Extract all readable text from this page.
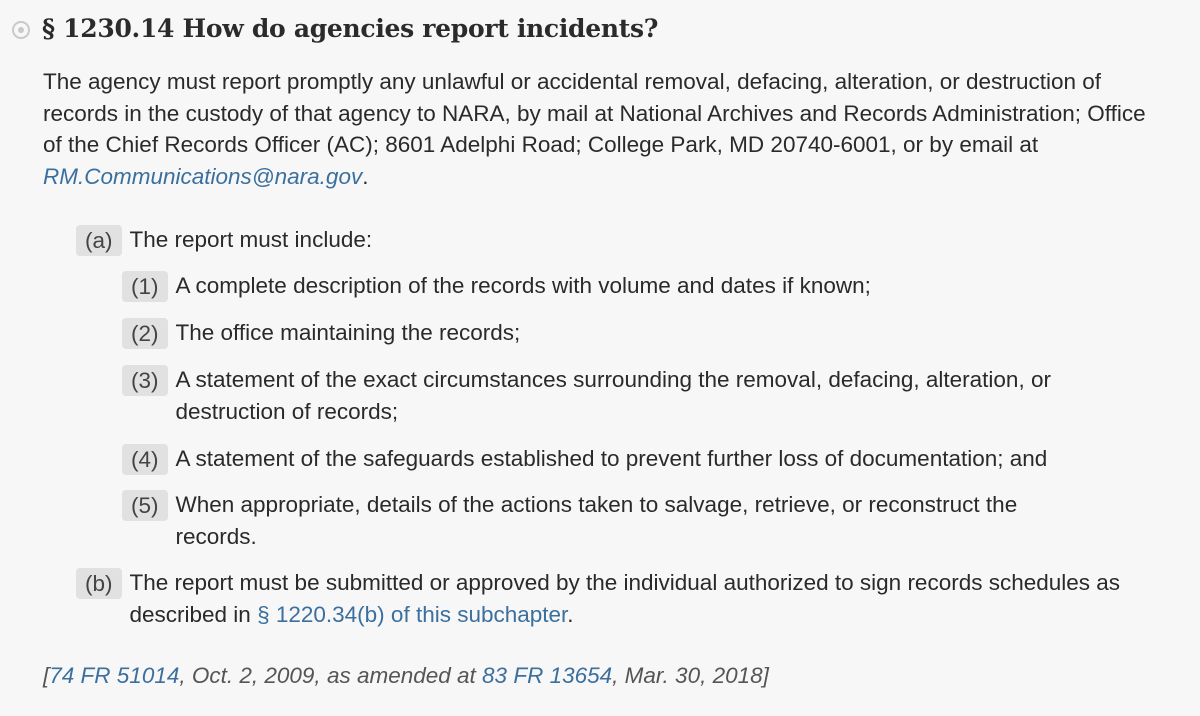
§ 1230.14 How do agencies report incidents?
The agency must report promptly any unlawful or accidental removal, defacing, alteration, or destruction of records in the custody of that agency to NARA, by mail at National Archives and Records Administration; Office of the Chief Records Officer (AC); 8601 Adelphi Road; College Park, MD 20740-6001, or by email at RM.Communications@nara.gov.
(a) The report must include:
(1) A complete description of the records with volume and dates if known;
(2) The office maintaining the records;
(3) A statement of the exact circumstances surrounding the removal, defacing, alteration, or destruction of records;
(4) A statement of the safeguards established to prevent further loss of documentation; and
(5) When appropriate, details of the actions taken to salvage, retrieve, or reconstruct the records.
(b) The report must be submitted or approved by the individual authorized to sign records schedules as described in § 1220.34(b) of this subchapter.
[74 FR 51014, Oct. 2, 2009, as amended at 83 FR 13654, Mar. 30, 2018]
